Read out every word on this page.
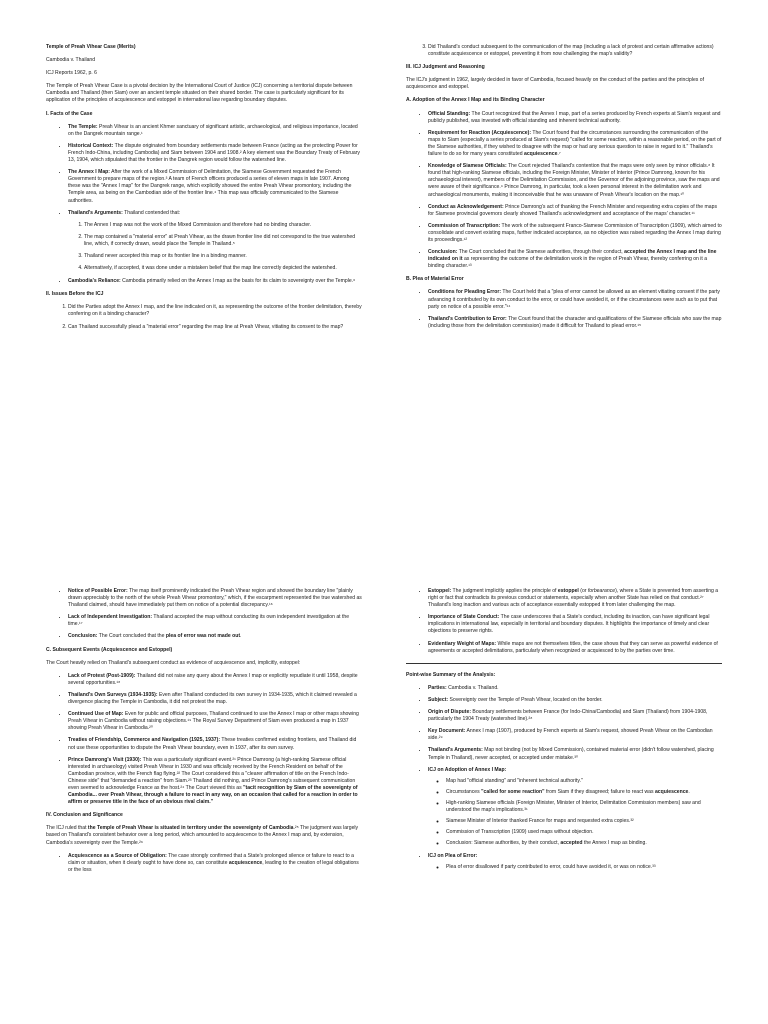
Temple of Preah Vihear Case (Merits)

Cambodia v. Thailand

ICJ Reports 1962, p. 6

The Temple of Preah Vihear Case is a pivotal decision by the International Court of Justice (ICJ) concerning a territorial dispute between Cambodia and Thailand (then Siam) over an ancient temple situated on their shared border. The case is particularly significant for its application of the principles of acquiescence and estoppel in international law regarding boundary disputes.

I. Facts of the Case

• The Temple: Preah Vihear is an ancient Khmer sanctuary of significant artistic, archaeological, and religious importance, located on the Dangrek mountain range.¹
• Historical Context: The dispute originated from boundary settlements made between France (acting as the protecting Power for French Indo-China, including Cambodia) and Siam between 1904 and 1908.² A key element was the Boundary Treaty of February 13, 1904, which stipulated that the frontier in the Dangrek region would follow the watershed line.
• The Annex I Map: After the work of a Mixed Commission of Delimitation, the Siamese Government requested the French Government to prepare maps of the region.³ A team of French officers produced a series of eleven maps in late 1907. Among these was the "Annex I map" for the Dangrek range, which explicitly showed the entire Preah Vihear promontory, including the Temple area, as being on the Cambodian side of the frontier line.⁴ This map was officially communicated to the Siamese authorities.
• Thailand's Arguments: Thailand contended that:
1. The Annex I map was not the work of the Mixed Commission and therefore had no binding character.
2. The map contained a "material error" at Preah Vihear, as the drawn frontier line did not correspond to the true watershed line, which, if correctly drawn, would place the Temple in Thailand.⁵
3. Thailand never accepted this map or its frontier line in a binding manner.
4. Alternatively, if accepted, it was done under a mistaken belief that the map line correctly depicted the watershed.
• Cambodia's Reliance: Cambodia primarily relied on the Annex I map as the basis for its claim to sovereignty over the Temple.⁶

II. Issues Before the ICJ

1. Did the Parties adopt the Annex I map, and the line indicated on it, as representing the outcome of the frontier delimitation, thereby conferring on it a binding character?
2. Can Thailand successfully plead a "material error" regarding the map line at Preah Vihear, vitiating its consent to the map?
3. Did Thailand's conduct subsequent to the communication of the map (including a lack of protest and certain affirmative actions) constitute acquiescence or estoppel, preventing it from now challenging the map's validity?

III. ICJ Judgment and Reasoning

The ICJ's judgment in 1962, largely decided in favor of Cambodia, focused heavily on the conduct of the parties and the principles of acquiescence and estoppel.

A. Adoption of the Annex I Map and its Binding Character

• Official Standing: The Court recognized that the Annex I map, part of a series produced by French experts at Siam's request and publicly published, was invested with official standing and inherent technical authority.
• Requirement for Reaction (Acquiescence): The Court found that the circumstances surrounding the communication of the maps to Siam (especially a series produced at Siam's request) "called for some reaction, within a reasonable period, on the part of the Siamese authorities, if they wished to disagree with the map or had any serious question to raise in regard to it." Thailand's failure to do so for many years constituted acquiescence.⁷
• Knowledge of Siamese Officials: The Court rejected Thailand's contention that the maps were only seen by minor officials.⁸ It found that high-ranking Siamese officials, including the Foreign Minister, Minister of Interior (Prince Damrong, known for his archaeological interest), members of the Delimitation Commission, and the Governor of the adjoining province, saw the maps and were aware of their significance.⁹ Prince Damrong, in particular, took a keen personal interest in the delimitation work and archaeological monuments, making it inconceivable that he was unaware of Preah Vihear's location on the map.¹⁰
• Conduct as Acknowledgement: Prince Damrong's act of thanking the French Minister and requesting extra copies of the maps for Siamese provincial governors clearly showed Thailand's acknowledgment and acceptance of the maps' character.¹¹
• Commission of Transcription: The work of the subsequent Franco-Siamese Commission of Transcription (1909), which aimed to consolidate and convert existing maps, further indicated acceptance, as no objection was raised regarding the Annex I map during its proceedings.¹²
• Conclusion: The Court concluded that the Siamese authorities, through their conduct, accepted the Annex I map and the line indicated on it as representing the outcome of the delimitation work in the region of Preah Vihear, thereby conferring on it a binding character.¹³

B. Plea of Material Error

• Conditions for Pleading Error: The Court held that a "plea of error cannot be allowed as an element vitiating consent if the party advancing it contributed by its own conduct to the error, or could have avoided it, or if the circumstances were such as to put that party on notice of a possible error."¹⁴
• Thailand's Contribution to Error: The Court found that the character and qualifications of the Siamese officials who saw the map (including those from the delimitation commission) made it difficult for Thailand to plead error.¹⁵
• Notice of Possible Error: The map itself prominently indicated the Preah Vihear region and showed the boundary line "plainly drawn appreciably to the north of the whole Preah Vihear promontory," which, if the escarpment represented the true watershed as Thailand claimed, should have immediately put them on notice of a potential discrepancy.¹⁶
• Lack of Independent Investigation: Thailand accepted the map without conducting its own independent investigation at the time.¹⁷
• Conclusion: The Court concluded that the plea of error was not made out.

C. Subsequent Events (Acquiescence and Estoppel)

The Court heavily relied on Thailand's subsequent conduct as evidence of acquiescence and, implicitly, estoppel:

• Lack of Protest (Post-1909): Thailand did not raise any query about the Annex I map or explicitly repudiate it until 1958, despite several opportunities.¹⁸
• Thailand's Own Surveys (1934-1935): Even after Thailand conducted its own survey in 1934-1935, which it claimed revealed a divergence placing the Temple in Cambodia, it did not protest the map.
• Continued Use of Map: Even for public and official purposes, Thailand continued to use the Annex I map or other maps showing Preah Vihear in Cambodia without raising objections.¹⁹ The Royal Survey Department of Siam even produced a map in 1937 showing Preah Vihear in Cambodia.²⁰
• Treaties of Friendship, Commerce and Navigation (1925, 1937): These treaties confirmed existing frontiers, and Thailand did not use these opportunities to dispute the Preah Vihear boundary, even in 1937, after its own survey.
• Prince Damrong's Visit (1930): This was a particularly significant event.²¹ Prince Damrong (a high-ranking Siamese official interested in archaeology) visited Preah Vihear in 1930 and was officially received by the French Resident on behalf of the Cambodian province, with the French flag flying.²² The Court considered this a "clearer affirmation of title on the French Indo-Chinese side" that "demanded a reaction" from Siam.²³ Thailand did nothing, and Prince Damrong's subsequent communication even seemed to acknowledge France as the host.²⁴ The Court viewed this as "tacit recognition by Siam of the sovereignty of Cambodia... over Preah Vihear, through a failure to react in any way, on an occasion that called for a reaction in order to affirm or preserve title in the face of an obvious rival claim."

IV. Conclusion and Significance

The ICJ ruled that the Temple of Preah Vihear is situated in territory under the sovereignty of Cambodia.²⁵ The judgment was largely based on Thailand's consistent behavior over a long period, which amounted to acquiescence to the Annex I map and, by extension, Cambodia's sovereignty over the Temple.²⁶

• Acquiescence as a Source of Obligation: The case strongly confirmed that a State's prolonged silence or failure to react to a claim or situation, when it clearly ought to have done so, can constitute acquiescence, leading to the creation of legal obligations or the loss
• Estoppel: The judgment implicitly applies the principle of estoppel (or forbearance), where a State is prevented from asserting a right or fact that contradicts its previous conduct or statements, especially when another State has relied on that conduct.²⁷ Thailand's long inaction and various acts of acceptance essentially estopped it from later challenging the map.
• Importance of State Conduct: The case underscores that a State's conduct, including its inaction, can have significant legal implications in international law, especially in territorial and boundary disputes. It highlights the importance of timely and clear objections to preserve rights.
• Evidentiary Weight of Maps: While maps are not themselves titles, the case shows that they can serve as powerful evidence of agreements or accepted delimitations, particularly when recognized or acquiesced to by the parties over time.

Point-wise Summary of the Analysis:

• Parties: Cambodia v. Thailand.
• Subject: Sovereignty over the Temple of Preah Vihear, located on the border.
• Origin of Dispute: Boundary settlements between France (for Indo-China/Cambodia) and Siam (Thailand) from 1904-1908, particularly the 1904 Treaty (watershed line).²⁸
• Key Document: Annex I map (1907), produced by French experts at Siam's request, showed Preah Vihear on the Cambodian side.²⁹
• Thailand's Arguments: Map not binding (not by Mixed Commission), contained material error (didn't follow watershed, placing Temple in Thailand), never accepted, or accepted under mistake.³⁰
• ICJ on Adoption of Annex I Map:
◦ Map had "official standing" and "inherent technical authority."
◦ Circumstances "called for some reaction" from Siam if they disagreed; failure to react was acquiescence.
◦ High-ranking Siamese officials (Foreign Minister, Minister of Interior, Delimitation Commission members) saw and understood the map's implications.³¹
◦ Siamese Minister of Interior thanked France for maps and requested extra copies.³²
◦ Commission of Transcription (1909) used maps without objection.
◦ Conclusion: Siamese authorities, by their conduct, accepted the Annex I map as binding.
• ICJ on Plea of Error:
◦ Plea of error disallowed if party contributed to error, could have avoided it, or was on notice.³³
